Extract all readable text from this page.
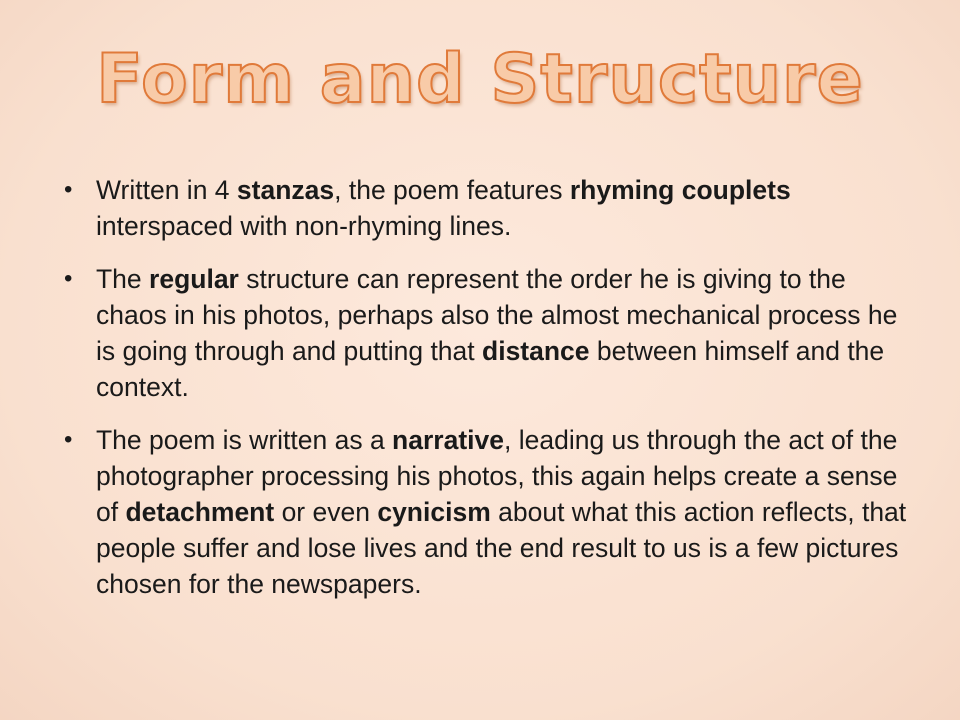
Form and Structure
• Written in 4 stanzas, the poem features rhyming couplets interspaced with non-rhyming lines.
• The regular structure can represent the order he is giving to the chaos in his photos, perhaps also the almost mechanical process he is going through and putting that distance between himself and the context.
• The poem is written as a narrative, leading us through the act of the photographer processing his photos, this again helps create a sense of detachment or even cynicism about what this action reflects, that people suffer and lose lives and the end result to us is a few pictures chosen for the newspapers.
